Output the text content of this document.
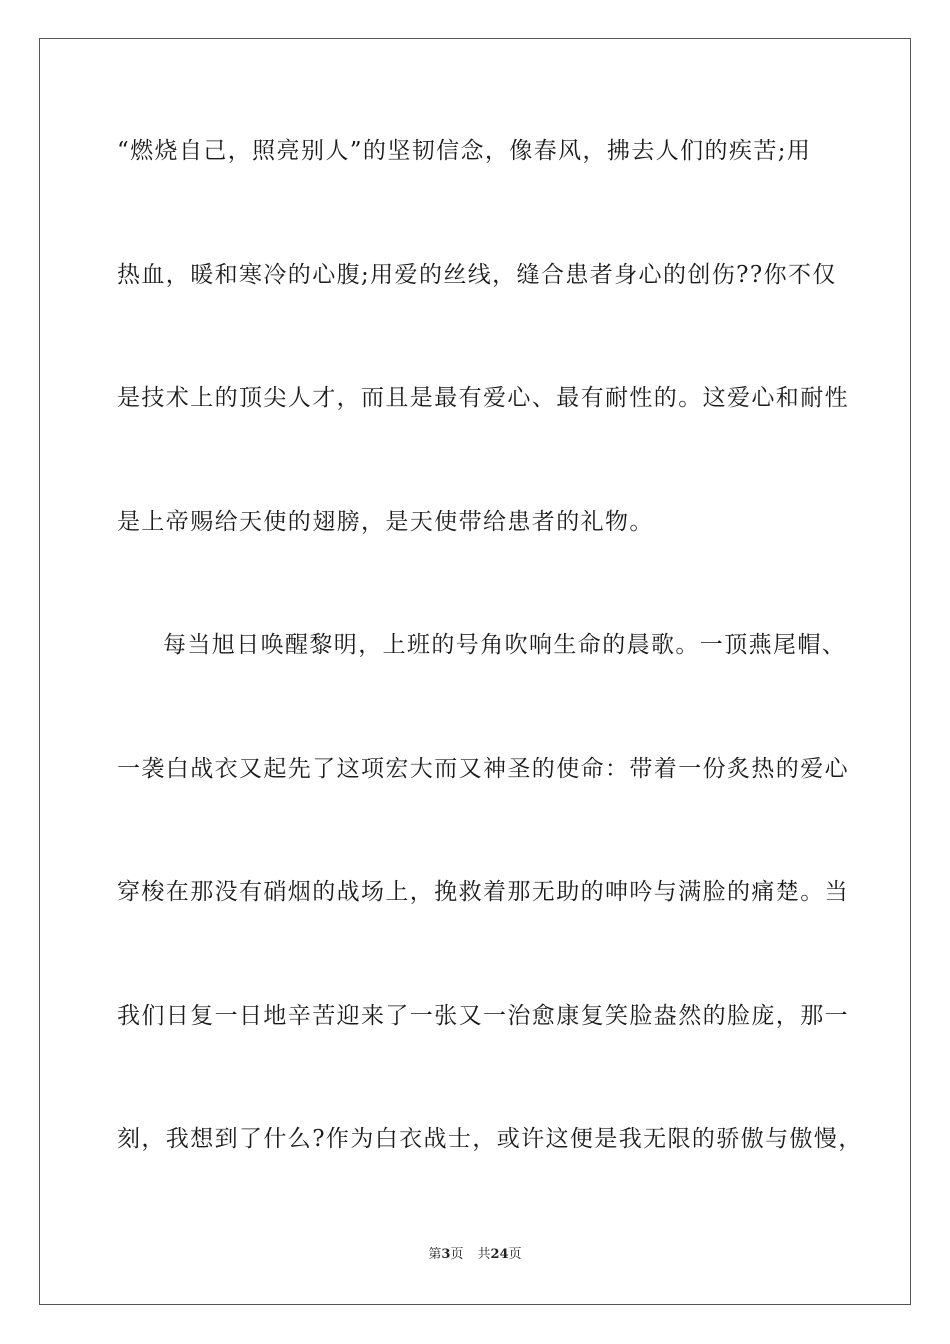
“燃烧自己，照亮别人”的坚韧信念，像春风，拂去人们的疾苦;用
热血，暖和寒冷的心腹;用爱的丝线，缝合患者身心的创伤??你不仅
是技术上的顶尖人才，而且是最有爱心、最有耐性的。这爱心和耐性
是上帝赐给天使的翅膀，是天使带给患者的礼物。
每当旭日唤醒黎明，上班的号角吹响生命的晨歌。一顶燕尾帽、
一袭白战衣又起先了这项宏大而又神圣的使命：带着一份炙热的爱心
穿梭在那没有硝烟的战场上，挽救着那无助的呻吟与满脸的痛楚。当
我们日复一日地辛苦迎来了一张又一治愈康复笑脸盎然的脸庞，那一
刻，我想到了什么?作为白衣战士，或许这便是我无限的骄傲与傲慢，
第3页 共24页
